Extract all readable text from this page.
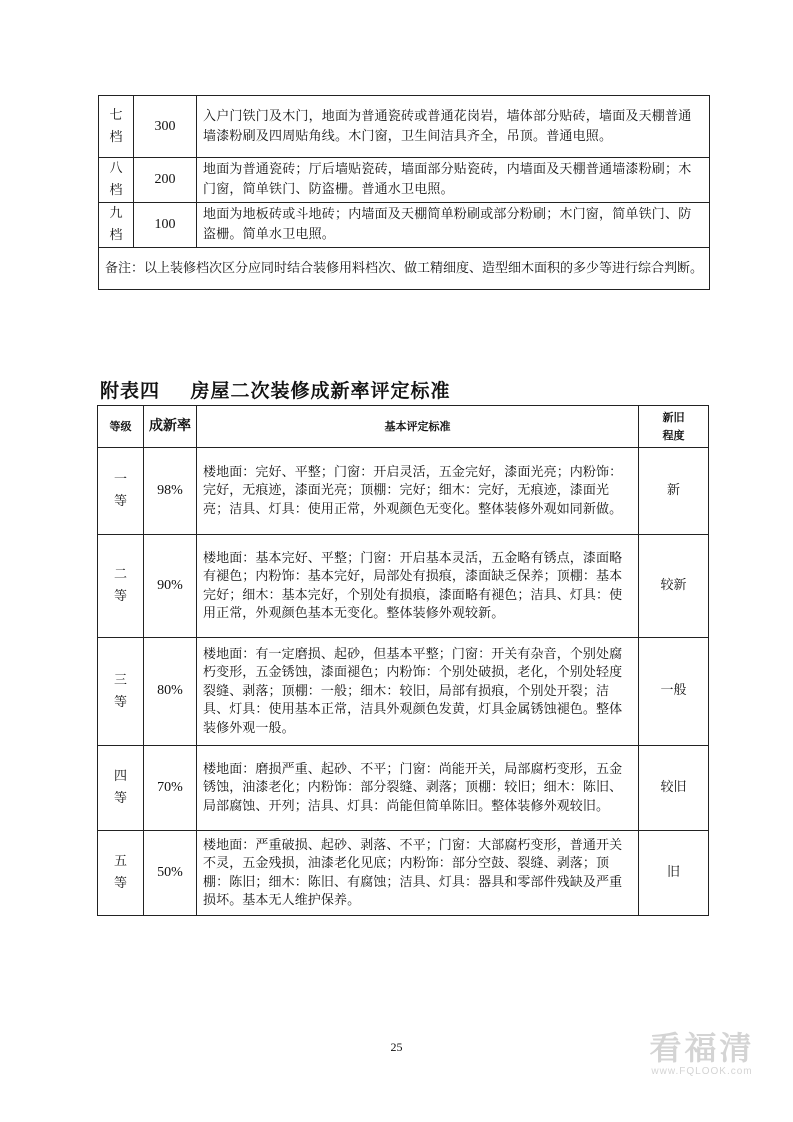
七档	300	入户门铁门及木门，地面为普通瓷砖或普通花岗岩，墙体部分贴砖，墙面及天棚普通墙漆粉刷及四周贴角线。木门窗，卫生间洁具齐全，吊顶。普通电照。
八档	200	地面为普通瓷砖；厅后墙贴瓷砖，墙面部分贴瓷砖，内墙面及天棚普通墙漆粉刷；木门窗，简单铁门、防盗栅。普通水卫电照。
九档	100	地面为地板砖或斗地砖；内墙面及天棚简单粉刷或部分粉刷；木门窗，简单铁门、防盗栅。简单水卫电照。
备注：以上装修档次区分应同时结合装修用料档次、做工精细度、造型细木面积的多少等进行综合判断。		
附表四    房屋二次装修成新率评定标准
等级	成新率	基本评定标准	新旧程度
一等	98%	楼地面：完好、平整；门窗：开启灵活，五金完好，漆面光亮；内粉饰：完好，无痕迹，漆面光亮；顶棚：完好；细木：完好，无痕迹，漆面光亮；洁具、灯具：使用正常，外观颜色无变化。整体装修外观如同新做。	新
二等	90%	楼地面：基本完好、平整；门窗：开启基本灵活，五金略有锈点，漆面略有褪色；内粉饰：基本完好，局部处有损痕，漆面缺乏保养；顶棚：基本完好；细木：基本完好，个别处有损痕，漆面略有褪色；洁具、灯具：使用正常，外观颜色基本无变化。整体装修外观较新。	较新
三等	80%	楼地面：有一定磨损、起砂，但基本平整；门窗：开关有杂音，个别处腐朽变形，五金锈蚀，漆面褪色；内粉饰：个别处破损，老化，个别处轻度裂缝、剥落；顶棚：一般；细木：较旧，局部有损痕，个别处开裂；洁具、灯具：使用基本正常，洁具外观颜色发黄，灯具金属锈蚀褪色。整体装修外观一般。	一般
四等	70%	楼地面：磨损严重、起砂、不平；门窗：尚能开关，局部腐朽变形，五金锈蚀，油漆老化；内粉饰：部分裂缝、剥落；顶棚：较旧；细木：陈旧、局部腐蚀、开列；洁具、灯具：尚能但简单陈旧。整体装修外观较旧。	较旧
五等	50%	楼地面：严重破损、起砂、剥落、不平；门窗：大部腐朽变形，普通开关不灵，五金残损，油漆老化见底；内粉饰：部分空鼓、裂缝、剥落；顶棚：陈旧；细木：陈旧、有腐蚀；洁具、灯具：器具和零部件残缺及严重损坏。基本无人维护保养。	旧
25	看福清
www.FQLOOK.com
